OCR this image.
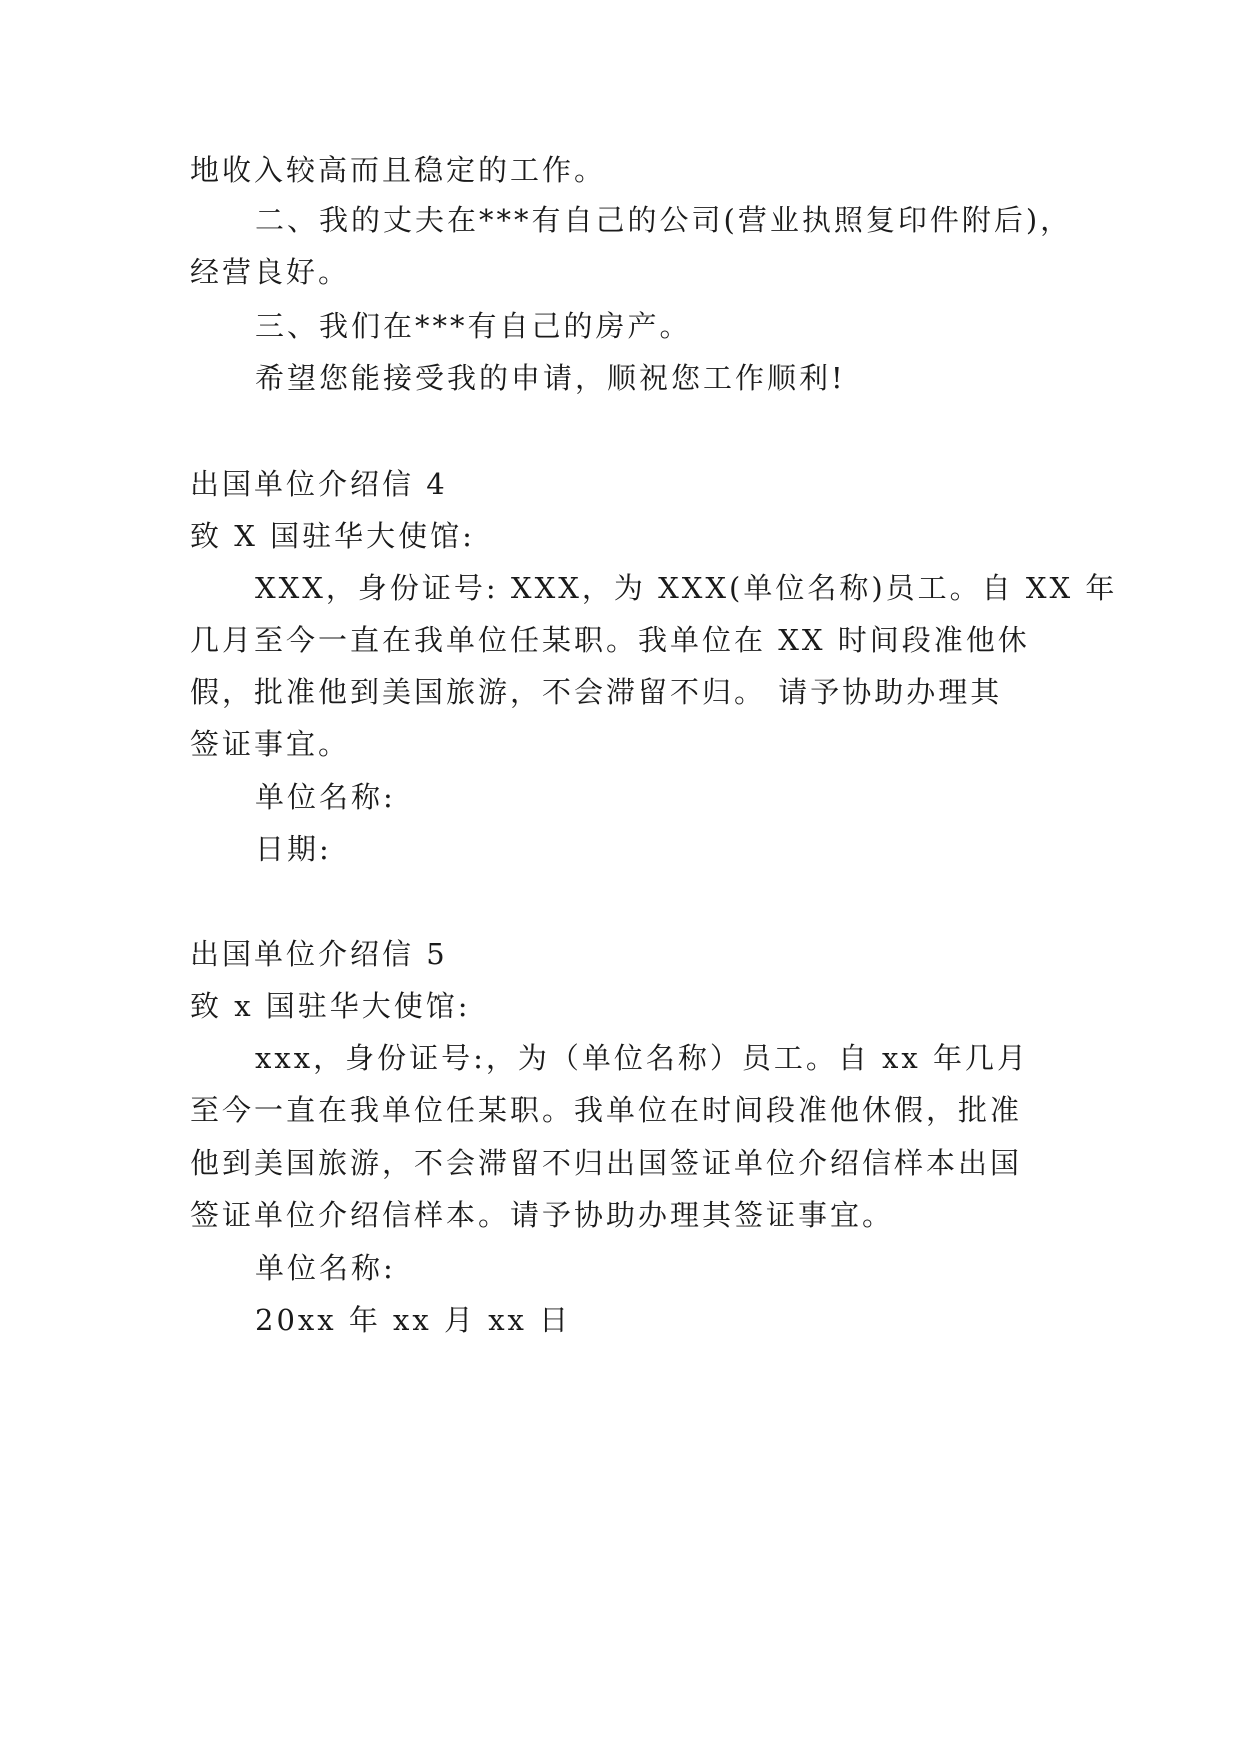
地收入较高而且稳定的工作。
二、我的丈夫在***有自己的公司(营业执照复印件附后)，
经营良好。
三、我们在***有自己的房产。
希望您能接受我的申请，顺祝您工作顺利!
出国单位介绍信 4
致 X 国驻华大使馆:
XXX，身份证号: XXX，为 XXX(单位名称)员工。自 XX 年
几月至今一直在我单位任某职。我单位在 XX 时间段准他休
假，批准他到美国旅游，不会滞留不归。 请予协助办理其
签证事宜。
单位名称:
日期:
出国单位介绍信 5
致 x 国驻华大使馆:
xxx，身份证号:，为（单位名称）员工。自 xx 年几月
至今一直在我单位任某职。我单位在时间段准他休假，批准
他到美国旅游，不会滞留不归出国签证单位介绍信样本出国
签证单位介绍信样本。请予协助办理其签证事宜。
单位名称:
20xx 年 xx 月 xx 日
